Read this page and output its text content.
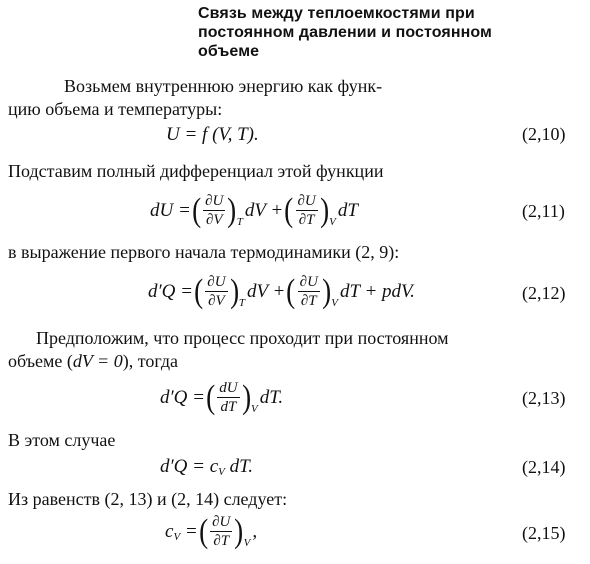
Связь между теплоемкостями при
постоянном давлении и постоянном
объеме
Возьмем внутреннюю энергию как функ-
цию объема и температуры:
U
= f (V, T).	(2,10)
Подставим полный дифференциал этой функции
dU = ( $\frac{\partial U}{\partial V}$ ) T
dV + ( $\frac{\partial U}{\partial T}$ ) V
dT	(2,11)
в выражение первого начала термодинамики (2, 9):
d′Q = ( $\frac{\partial U}{\partial V}$ ) T
dV + ( $\frac{\partial U}{\partial T}$ ) V
dT + pdV.	(2,12)
Предположим, что процесс проходит при постоянном
объеме (dV = 0), тогда
d′Q = ( $\frac{dU}{dT}$ ) V
dT.	(2,13)
В этом случае
d′Q = c V
dT.	(2,14)
Из равенств (2, 13) и (2, 14) следует:
c V
= ( $\frac{\partial U}{\partial T}$ ) V
,	(2,15)
